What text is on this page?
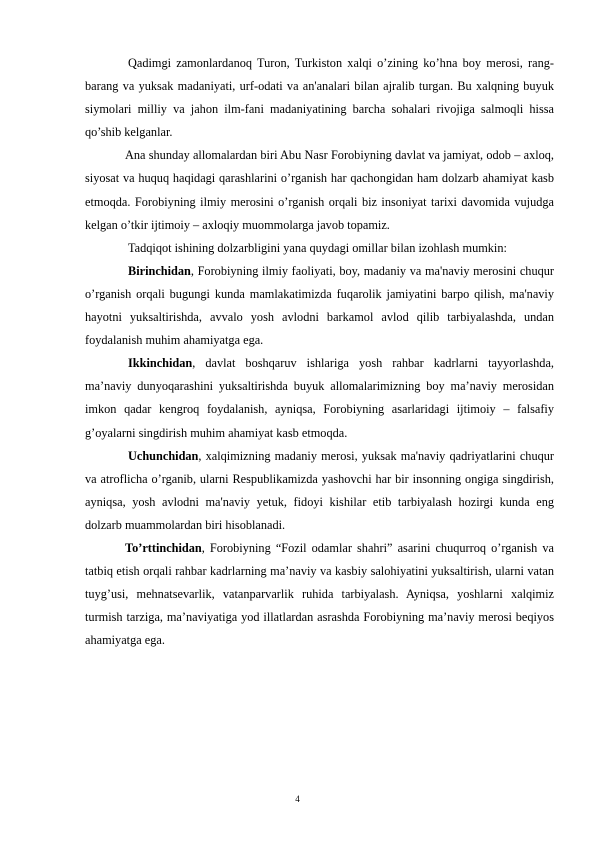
Qadimgi zamonlardanoq Turon, Turkiston xalqi o’zining ko’hna boy merosi, rang-barang va yuksak madaniyati, urf-odati va an'analari bilan ajralib turgan. Bu xalqning buyuk siymolari milliy va jahon ilm-fani madaniyatining barcha sohalari rivojiga salmoqli hissa qo’shib kelganlar.

Ana shunday allomalardan biri Abu Nasr Forobiyning davlat va jamiyat, odob – axloq, siyosat va huquq haqidagi qarashlarini o’rganish har qachongidan ham dolzarb ahamiyat kasb etmoqda. Forobiyning ilmiy merosini o’rganish orqali biz insoniyat tarixi davomida vujudga kelgan o’tkir ijtimoiy – axloqiy muommolarga javob topamiz.

Tadqiqot ishining dolzarbligini yana quydagi omillar bilan izohlash mumkin:

Birinchidan, Forobiyning ilmiy faoliyati, boy, madaniy va ma'naviy merosini chuqur o’rganish orqali bugungi kunda mamlakatimizda fuqarolik jamiyatini barpo qilish, ma'naviy hayotni yuksaltirishda, avvalo yosh avlodni barkamol avlod qilib tarbiyalashda, undan foydalanish muhim ahamiyatga ega.

Ikkinchidan, davlat boshqaruv ishlariga yosh rahbar kadrlarni tayyorlashda, ma’naviy dunyoqarashini yuksaltirishda buyuk allomalarimizning boy ma’naviy merosidan imkon qadar kengroq foydalanish, ayniqsa, Forobiyning asarlaridagi ijtimoiy – falsafiy g’oyalarni singdirish muhim ahamiyat kasb etmoqda.

Uchunchidan, xalqimizning madaniy merosi, yuksak ma'naviy qadriyatlarini chuqur va atroflicha o’rganib, ularni Respublikamizda yashovchi har bir insonning ongiga singdirish, ayniqsa, yosh avlodni ma'naviy yetuk, fidoyi kishilar etib tarbiyalash hozirgi kunda eng dolzarb muammolardan biri hisoblanadi.

To’rttinchidan, Forobiyning “Fozil odamlar shahri” asarini chuqurroq o’rganish va tatbiq etish orqali rahbar kadrlarning ma’naviy va kasbiy salohiyatini yuksaltirish, ularni vatan tuyg’usi, mehnatsevarlik, vatanparvarlik ruhida tarbiyalash. Ayniqsa, yoshlarni xalqimiz turmish tarziga, ma’naviyatiga yod illatlardan asrashda Forobiyning ma’naviy merosi beqiyos ahamiyatga ega.

4
